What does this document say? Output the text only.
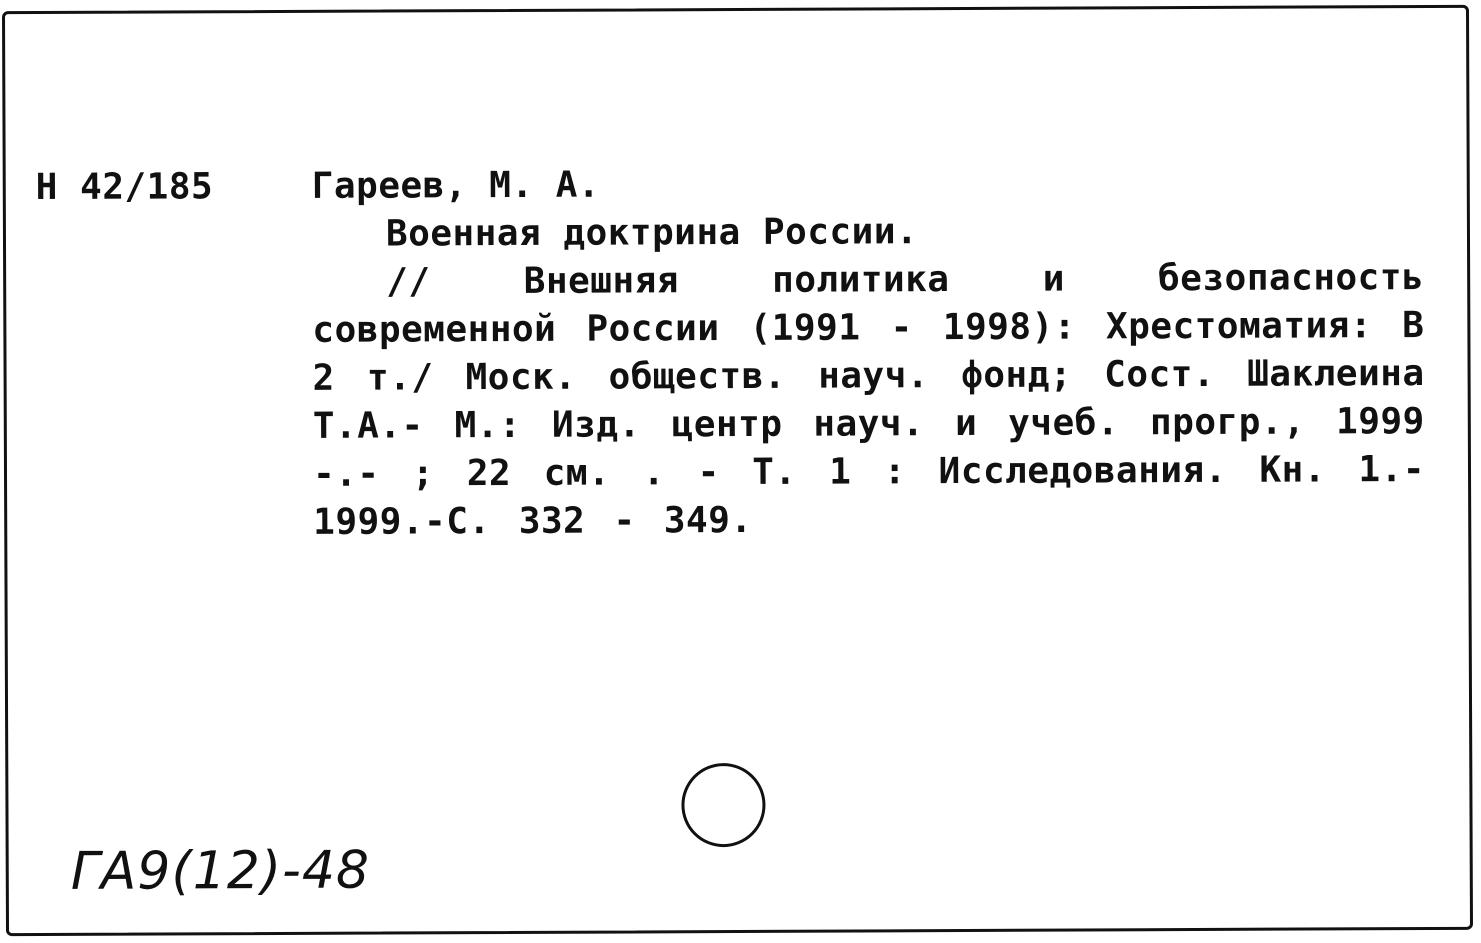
Н 42/185	Гареев, М. А.
Военная доктрина России.
// Внешняя политика и безопасность современной России (1991 - 1998): Хрестоматия: В 2 т./ Моск. обществ. науч. фонд; Сост. Шаклеина Т.А.- М.: Изд. центр науч. и учеб. прогр., 1999 -.- ; 22 см. . - Т. 1 : Исследования. Кн. 1.- 1999.-С. 332 - 349.
ГА9(12)-48
